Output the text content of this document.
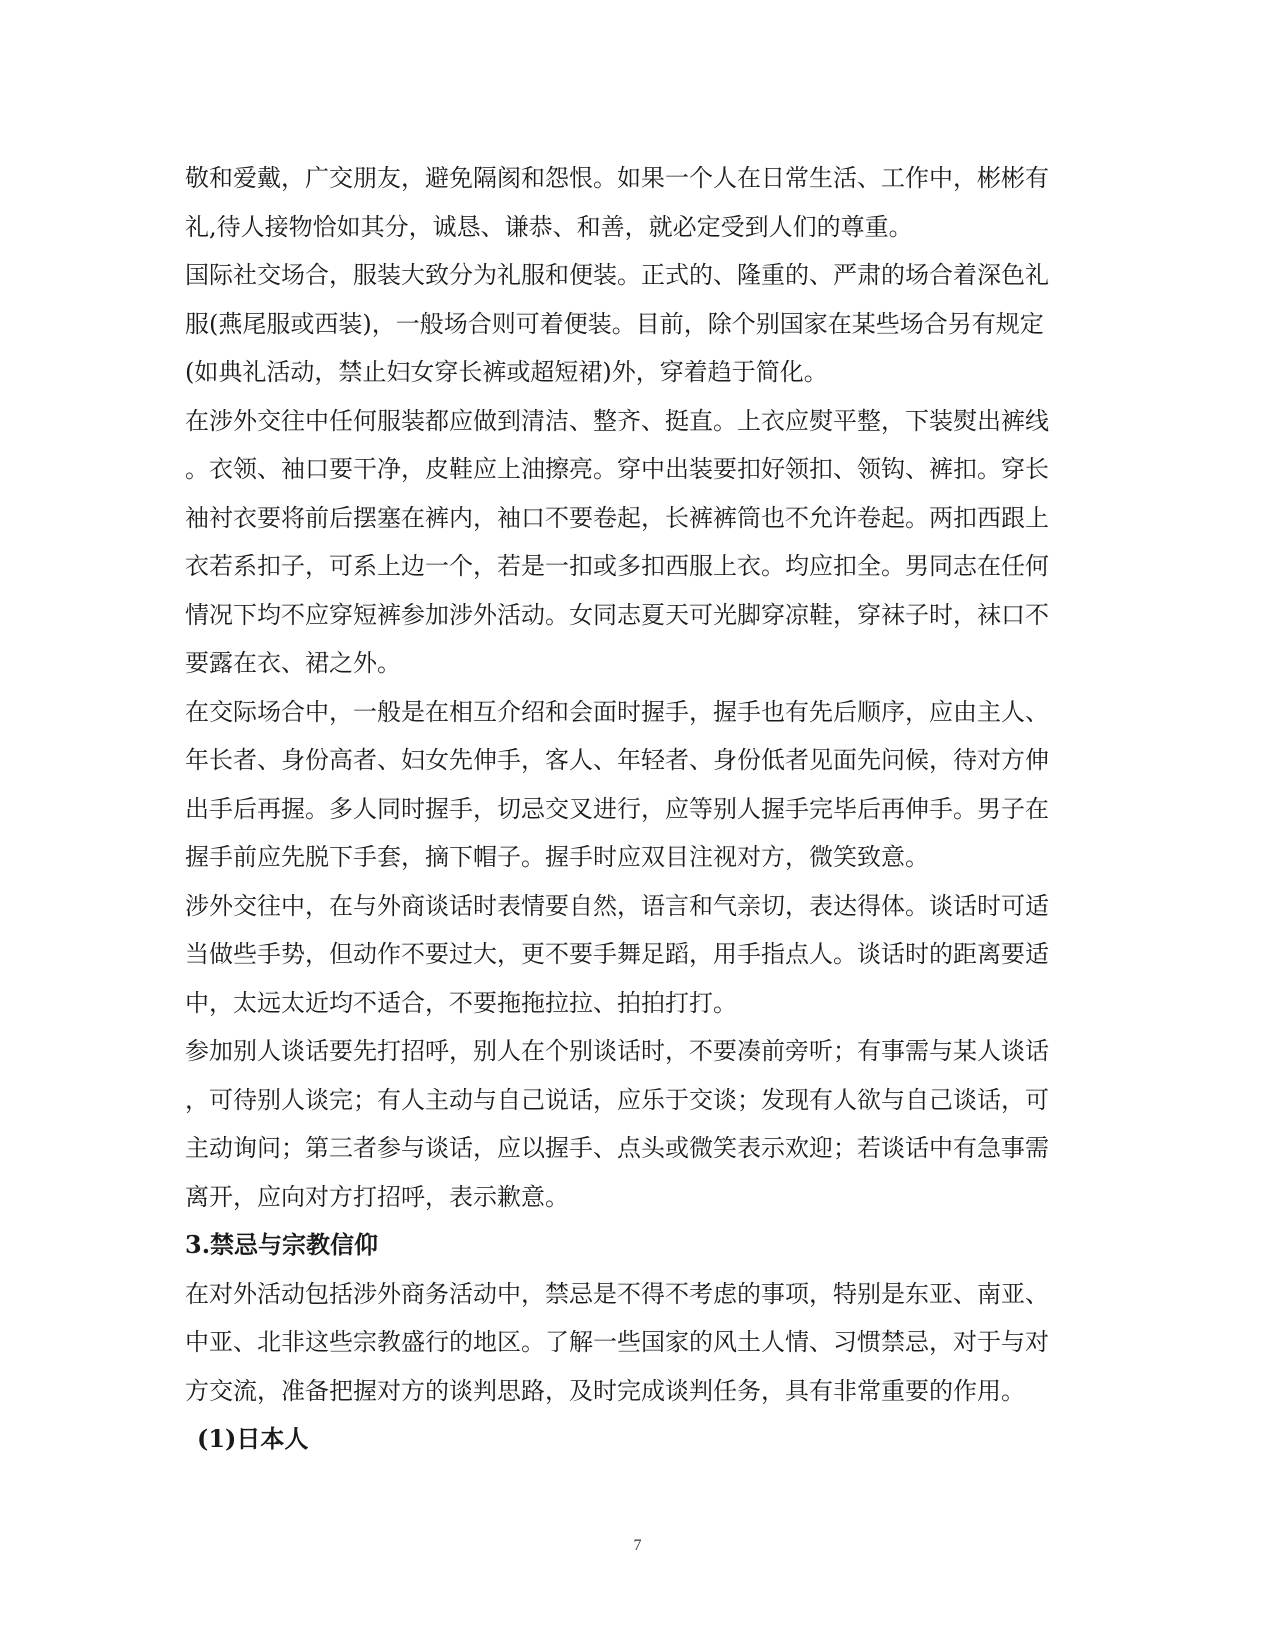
敬和爱戴，广交朋友，避免隔阂和怨恨。如果一个人在日常生活、工作中，彬彬有
礼,待人接物恰如其分，诚恳、谦恭、和善，就必定受到人们的尊重。

国际社交场合，服装大致分为礼服和便装。正式的、隆重的、严肃的场合着深色礼
服(燕尾服或西装)，一般场合则可着便装。目前，除个别国家在某些场合另有规定
(如典礼活动，禁止妇女穿长裤或超短裙)外，穿着趋于简化。

在涉外交往中任何服装都应做到清洁、整齐、挺直。上衣应熨平整，下装熨出裤线
。衣领、袖口要干净，皮鞋应上油擦亮。穿中出装要扣好领扣、领钩、裤扣。穿长
袖衬衣要将前后摆塞在裤内，袖口不要卷起，长裤裤筒也不允许卷起。两扣西跟上
衣若系扣子，可系上边一个，若是一扣或多扣西服上衣。均应扣全。男同志在任何
情况下均不应穿短裤参加涉外活动。女同志夏天可光脚穿凉鞋，穿袜子时，袜口不
要露在衣、裙之外。

在交际场合中，一般是在相互介绍和会面时握手，握手也有先后顺序，应由主人、
年长者、身份高者、妇女先伸手，客人、年轻者、身份低者见面先问候，待对方伸
出手后再握。多人同时握手，切忌交叉进行，应等别人握手完毕后再伸手。男子在
握手前应先脱下手套，摘下帽子。握手时应双目注视对方，微笑致意。

涉外交往中，在与外商谈话时表情要自然，语言和气亲切，表达得体。谈话时可适
当做些手势，但动作不要过大，更不要手舞足蹈，用手指点人。谈话时的距离要适
中，太远太近均不适合，不要拖拖拉拉、拍拍打打。

参加别人谈话要先打招呼，别人在个别谈话时，不要凑前旁听；有事需与某人谈话
，可待别人谈完；有人主动与自己说话，应乐于交谈；发现有人欲与自己谈话，可
主动询问；第三者参与谈话，应以握手、点头或微笑表示欢迎；若谈话中有急事需
离开，应向对方打招呼，表示歉意。

3.禁忌与宗教信仰

在对外活动包括涉外商务活动中，禁忌是不得不考虑的事项，特别是东亚、南亚、
中亚、北非这些宗教盛行的地区。了解一些国家的风土人情、习惯禁忌，对于与对
方交流，准备把握对方的谈判思路，及时完成谈判任务，具有非常重要的作用。

(1)日本人
7
